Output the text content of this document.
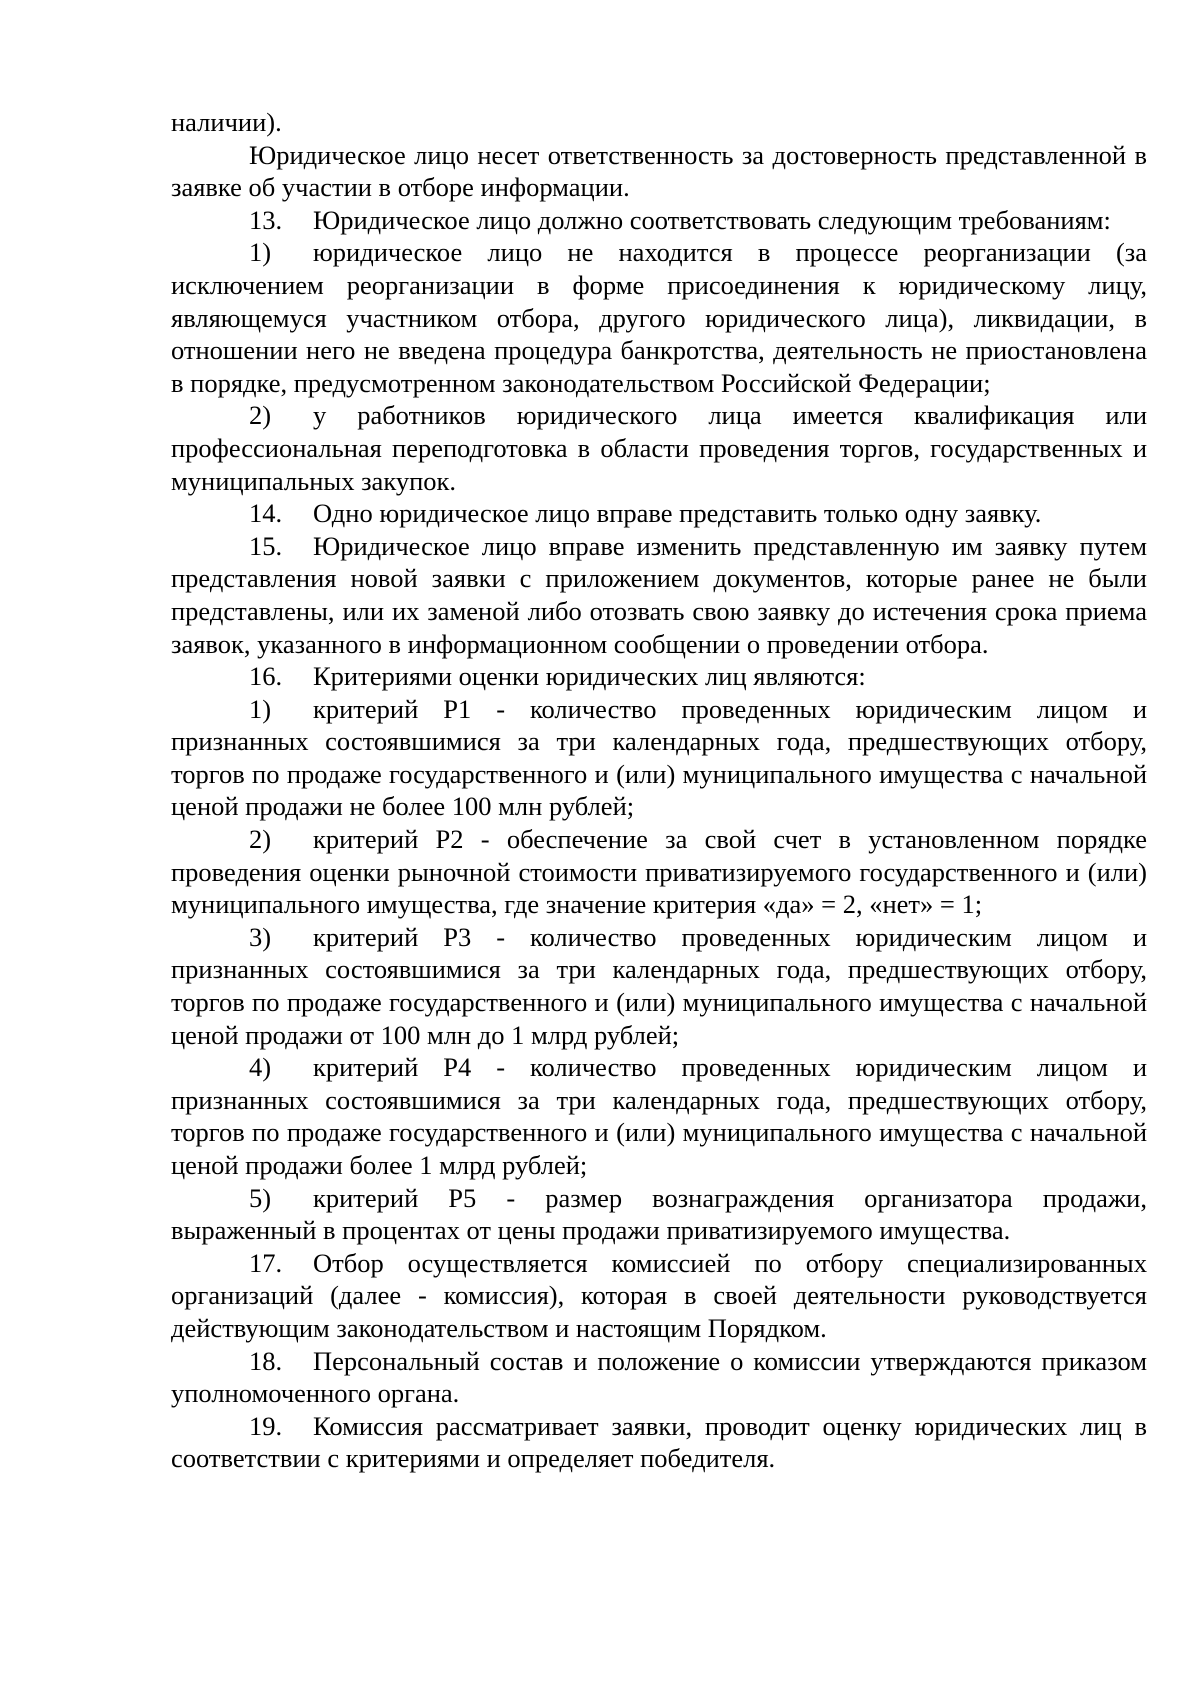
наличии).

Юридическое лицо несет ответственность за достоверность представленной в заявке об участии в отборе информации.

13. Юридическое лицо должно соответствовать следующим требованиям:

1) юридическое лицо не находится в процессе реорганизации (за исключением реорганизации в форме присоединения к юридическому лицу, являющемуся участником отбора, другого юридического лица), ликвидации, в отношении него не введена процедура банкротства, деятельность не приостановлена в порядке, предусмотренном законодательством Российской Федерации;

2) у работников юридического лица имеется квалификация или профессиональная переподготовка в области проведения торгов, государственных и муниципальных закупок.

14. Одно юридическое лицо вправе представить только одну заявку.

15. Юридическое лицо вправе изменить представленную им заявку путем представления новой заявки с приложением документов, которые ранее не были представлены, или их заменой либо отозвать свою заявку до истечения срока приема заявок, указанного в информационном сообщении о проведении отбора.

16. Критериями оценки юридических лиц являются:

1) критерий P1 - количество проведенных юридическим лицом и признанных состоявшимися за три календарных года, предшествующих отбору, торгов по продаже государственного и (или) муниципального имущества с начальной ценой продажи не более 100 млн рублей;

2) критерий P2 - обеспечение за свой счет в установленном порядке проведения оценки рыночной стоимости приватизируемого государственного и (или) муниципального имущества, где значение критерия «да» = 2, «нет» = 1;

3) критерий P3 - количество проведенных юридическим лицом и признанных состоявшимися за три календарных года, предшествующих отбору, торгов по продаже государственного и (или) муниципального имущества с начальной ценой продажи от 100 млн до 1 млрд рублей;

4) критерий P4 - количество проведенных юридическим лицом и признанных состоявшимися за три календарных года, предшествующих отбору, торгов по продаже государственного и (или) муниципального имущества с начальной ценой продажи более 1 млрд рублей;

5) критерий P5 - размер вознаграждения организатора продажи, выраженный в процентах от цены продажи приватизируемого имущества.

17. Отбор осуществляется комиссией по отбору специализированных организаций (далее - комиссия), которая в своей деятельности руководствуется действующим законодательством и настоящим Порядком.

18. Персональный состав и положение о комиссии утверждаются приказом уполномоченного органа.

19. Комиссия рассматривает заявки, проводит оценку юридических лиц в соответствии с критериями и определяет победителя.
